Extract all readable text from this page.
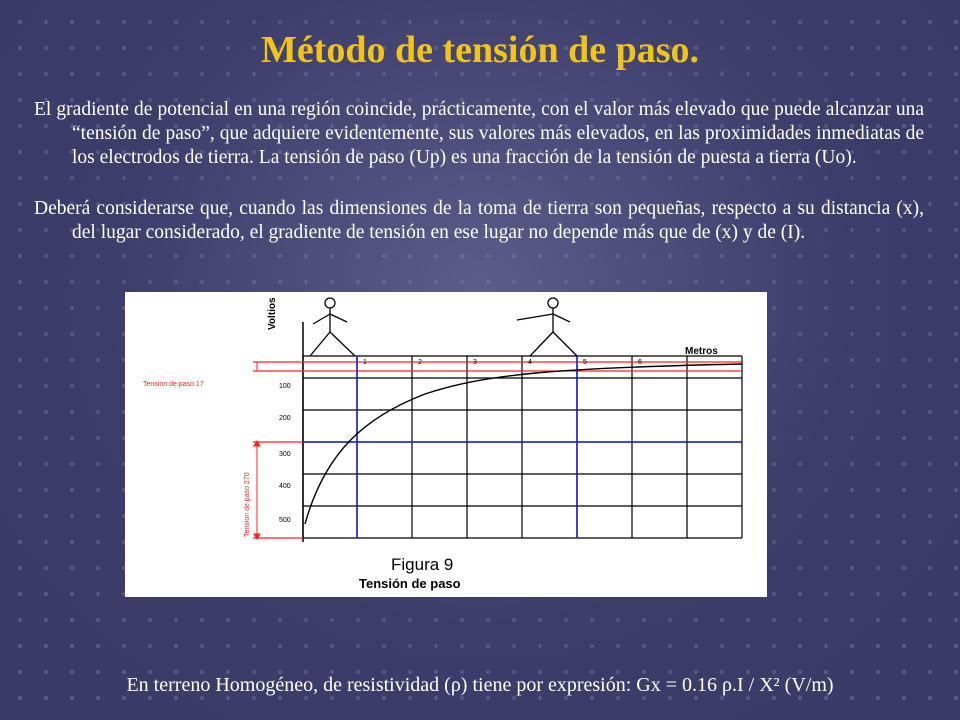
Método de tensión de paso.

El gradiente de potencial en una región coincide, prácticamente, con el valor más elevado que puede alcanzar una “tensión de paso”, que adquiere evidentemente, sus valores más elevados, en las proximidades inmediatas de los electrodos de tierra. La tensión de paso (Up) es una fracción de la tensión de puesta a tierra (Uo).

Deberá considerarse que, cuando las dimensiones de la toma de tierra son pequeñas, respecto a su distancia (x), del lugar considerado, el gradiente de tensión en ese lugar no depende más que de (x) y de (I).

Voltios
Metros
1	2	3	4	5	6
100
200
300
400
500
Tension de paso 17
Tension de paso 270
Figura 9
Tensión de paso

En terreno Homogéneo, de resistividad (ρ) tiene por expresión: Gx = 0.16 ρ.I / X² (V/m)
